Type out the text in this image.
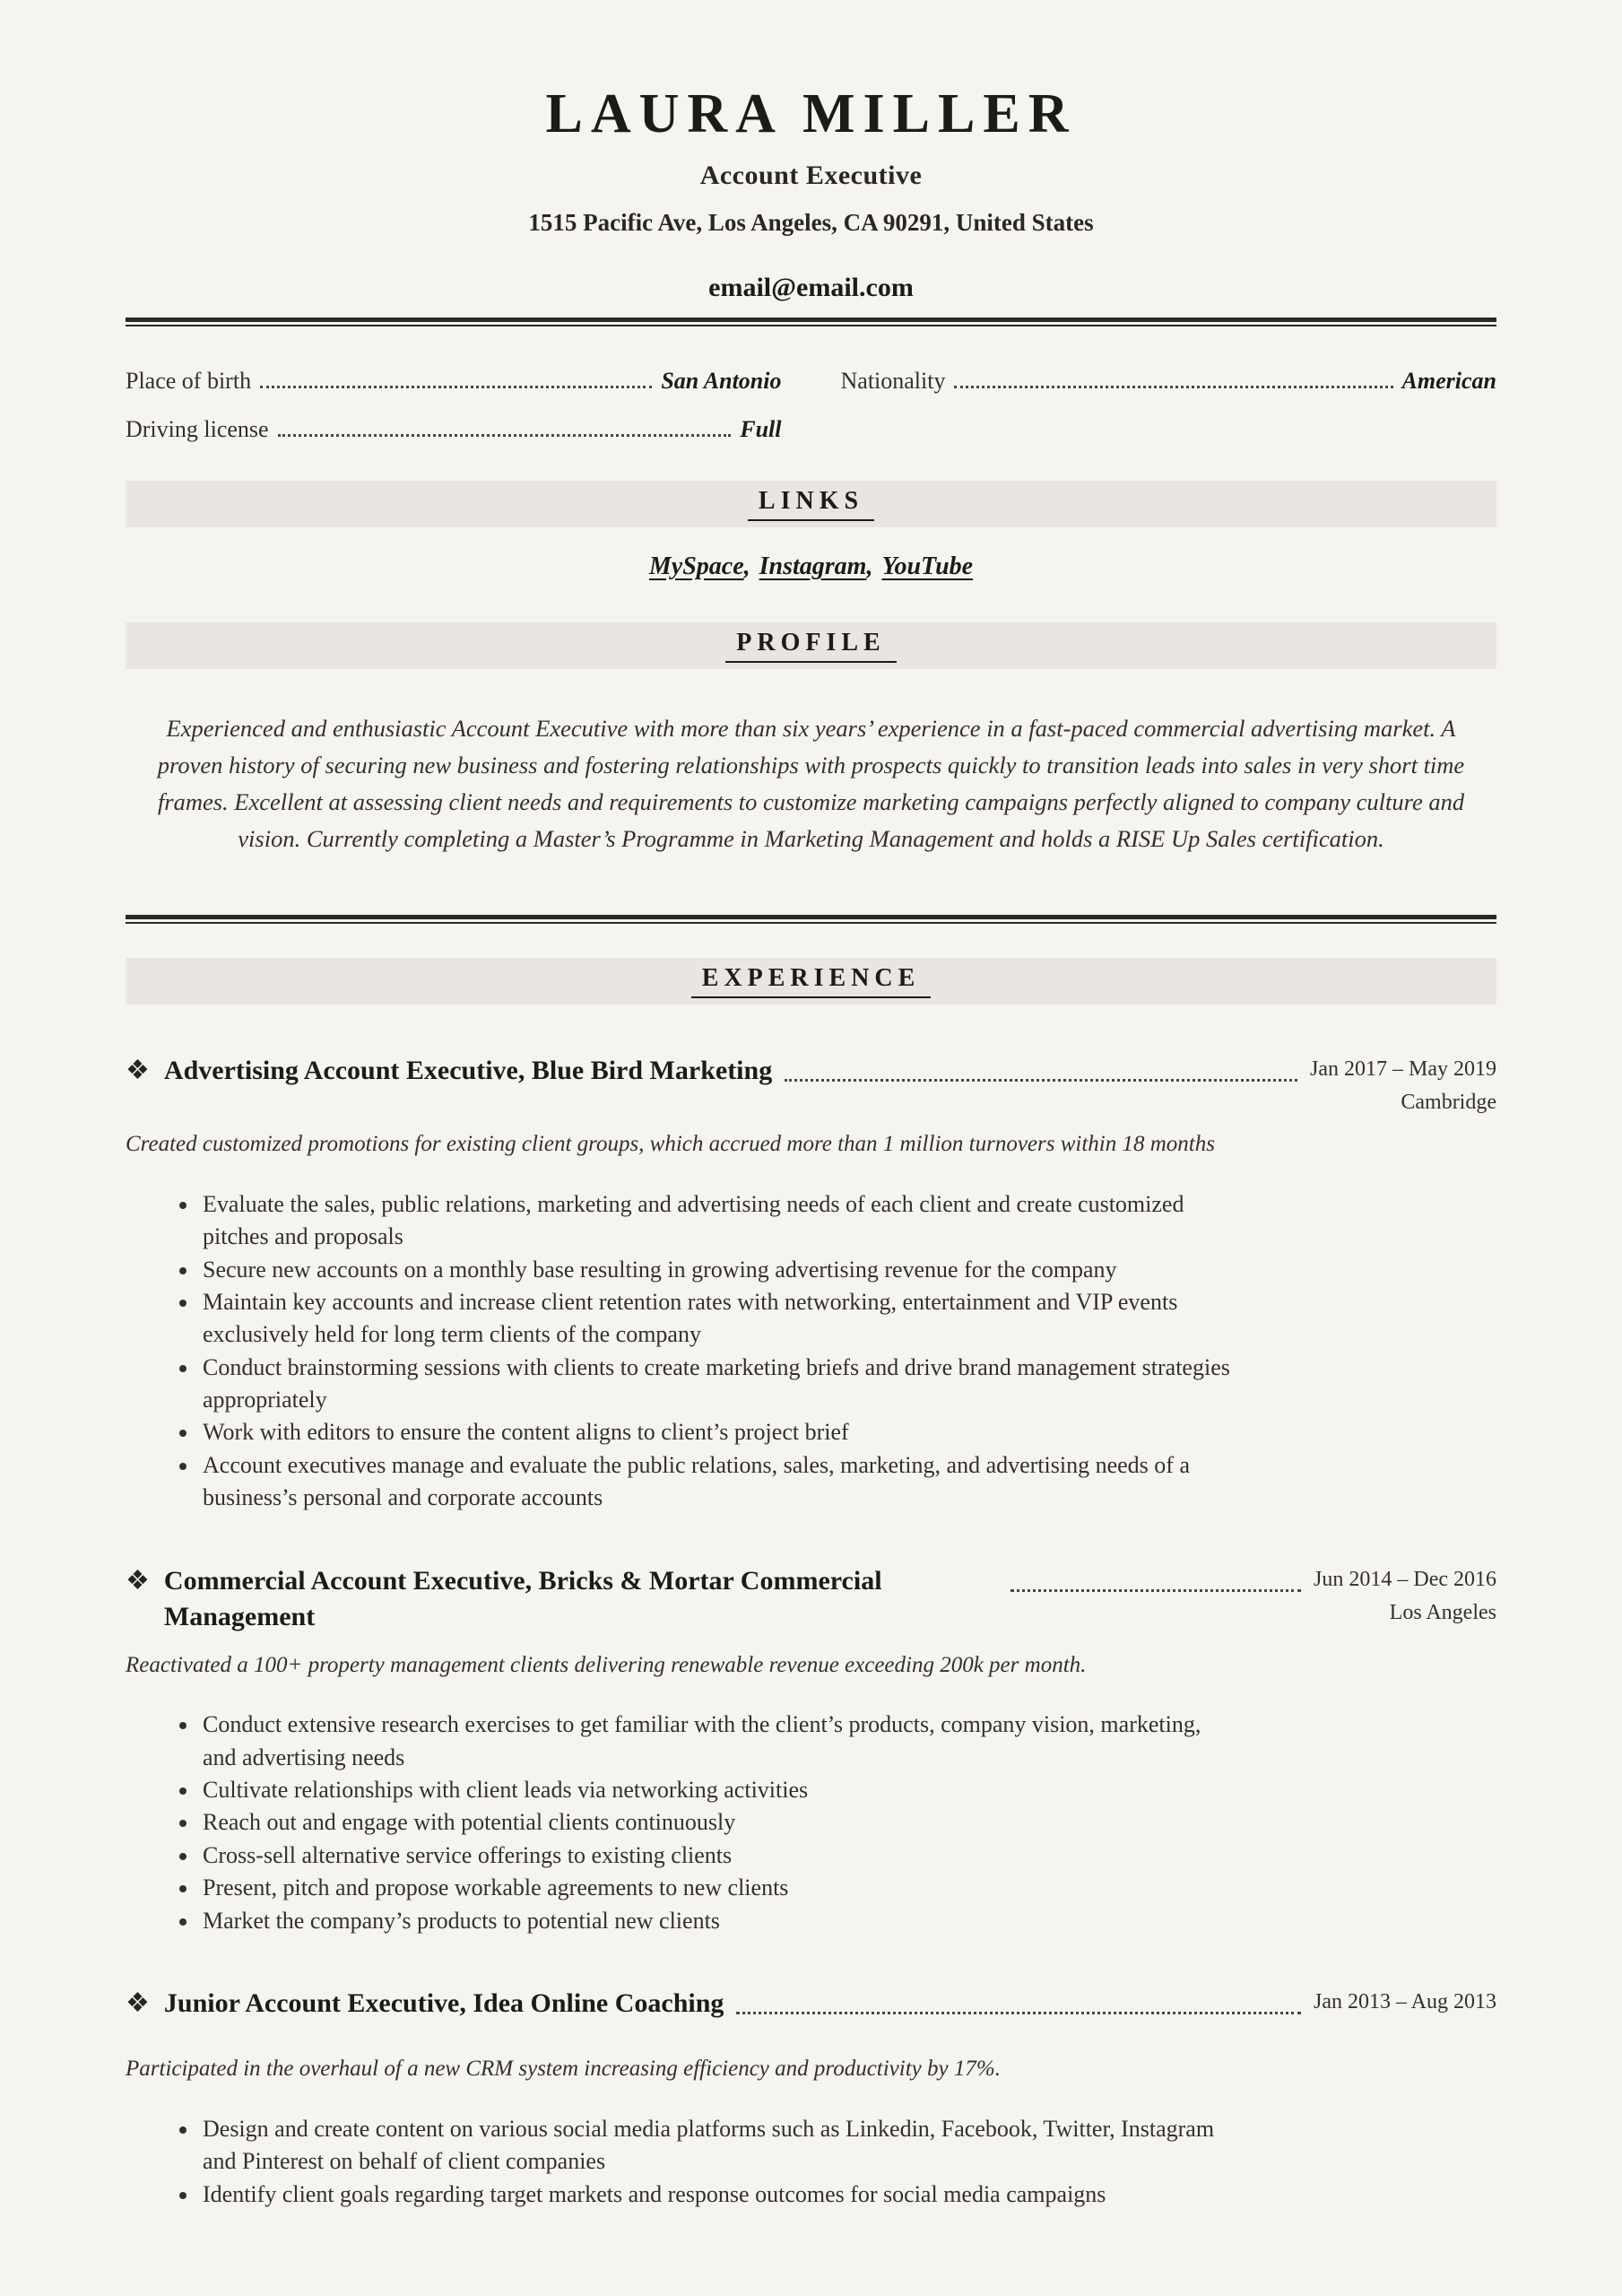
LAURA MILLER
Account Executive
1515 Pacific Ave, Los Angeles, CA 90291, United States
email@email.com
Place of birth	San Antonio	Nationality	American
Driving license	Full
LINKS

MySpace, Instagram, YouTube

PROFILE

Experienced and enthusiastic Account Executive with more than six years’ experience in a fast-paced commercial advertising market. A proven history of securing new business and fostering relationships with prospects quickly to transition leads into sales in very short time frames. Excellent at assessing client needs and requirements to customize marketing campaigns perfectly aligned to company culture and vision. Currently completing a Master’s Programme in Marketing Management and holds a RISE Up Sales certification.

EXPERIENCE
❖ Advertising Account Executive, Blue Bird Marketing	Jan 2017 – May 2019
Cambridge

Created customized promotions for existing client groups, which accrued more than 1 million turnovers within 18 months

• Evaluate the sales, public relations, marketing and advertising needs of each client and create customized pitches and proposals
• Secure new accounts on a monthly base resulting in growing advertising revenue for the company
• Maintain key accounts and increase client retention rates with networking, entertainment and VIP events exclusively held for long term clients of the company
• Conduct brainstorming sessions with clients to create marketing briefs and drive brand management strategies appropriately
• Work with editors to ensure the content aligns to client’s project brief
• Account executives manage and evaluate the public relations, sales, marketing, and advertising needs of a business’s personal and corporate accounts
❖ Commercial Account Executive, Bricks & Mortar Commercial Management
Jun 2014 – Dec 2016
Los Angeles

Reactivated a 100+ property management clients delivering renewable revenue exceeding 200k per month.

• Conduct extensive research exercises to get familiar with the client’s products, company vision, marketing, and advertising needs
• Cultivate relationships with client leads via networking activities
• Reach out and engage with potential clients continuously
• Cross-sell alternative service offerings to existing clients
• Present, pitch and propose workable agreements to new clients
• Market the company’s products to potential new clients
❖ Junior Account Executive, Idea Online Coaching	Jan 2013 – Aug 2013

Participated in the overhaul of a new CRM system increasing efficiency and productivity by 17%.

• Design and create content on various social media platforms such as Linkedin, Facebook, Twitter, Instagram and Pinterest on behalf of client companies
• Identify client goals regarding target markets and response outcomes for social media campaigns
